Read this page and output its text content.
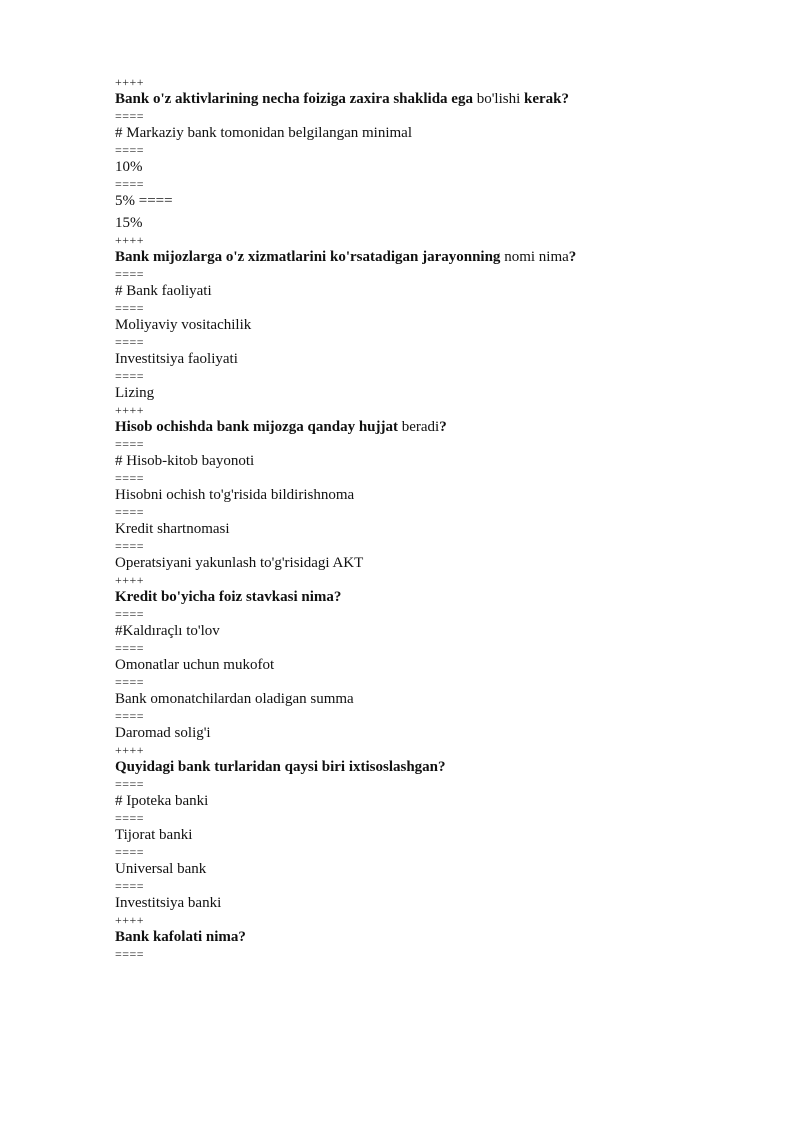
++++
Bank o'z aktivlarining necha foiziga zaxira shaklida ega bo'lishi kerak?
====
# Markaziy bank tomonidan belgilangan minimal
====
10%
====
5% ====
15%
++++
Bank mijozlarga o'z xizmatlarini ko'rsatadigan jarayonning nomi nima?
====
# Bank faoliyati
====
Moliyaviy vositachilik
====
Investitsiya faoliyati
====
Lizing
++++
Hisob ochishda bank mijozga qanday hujjat beradi?
====
# Hisob-kitob bayonoti
====
Hisobni ochish to'g'risida bildirishnoma
====
Kredit shartnomasi
====
Operatsiyani yakunlash to'g'risidagi AKT
++++
Kredit bo'yicha foiz stavkasi nima?
====
#Kaldıraçlı to'lov
====
Omonatlar uchun mukofot
====
Bank omonatchilardan oladigan summa
====
Daromad solig'i
++++
Quyidagi bank turlaridan qaysi biri ixtisoslashgan?
====
# Ipoteka banki
====
Tijorat banki
====
Universal bank
====
Investitsiya banki
++++
Bank kafolati nima?
====
